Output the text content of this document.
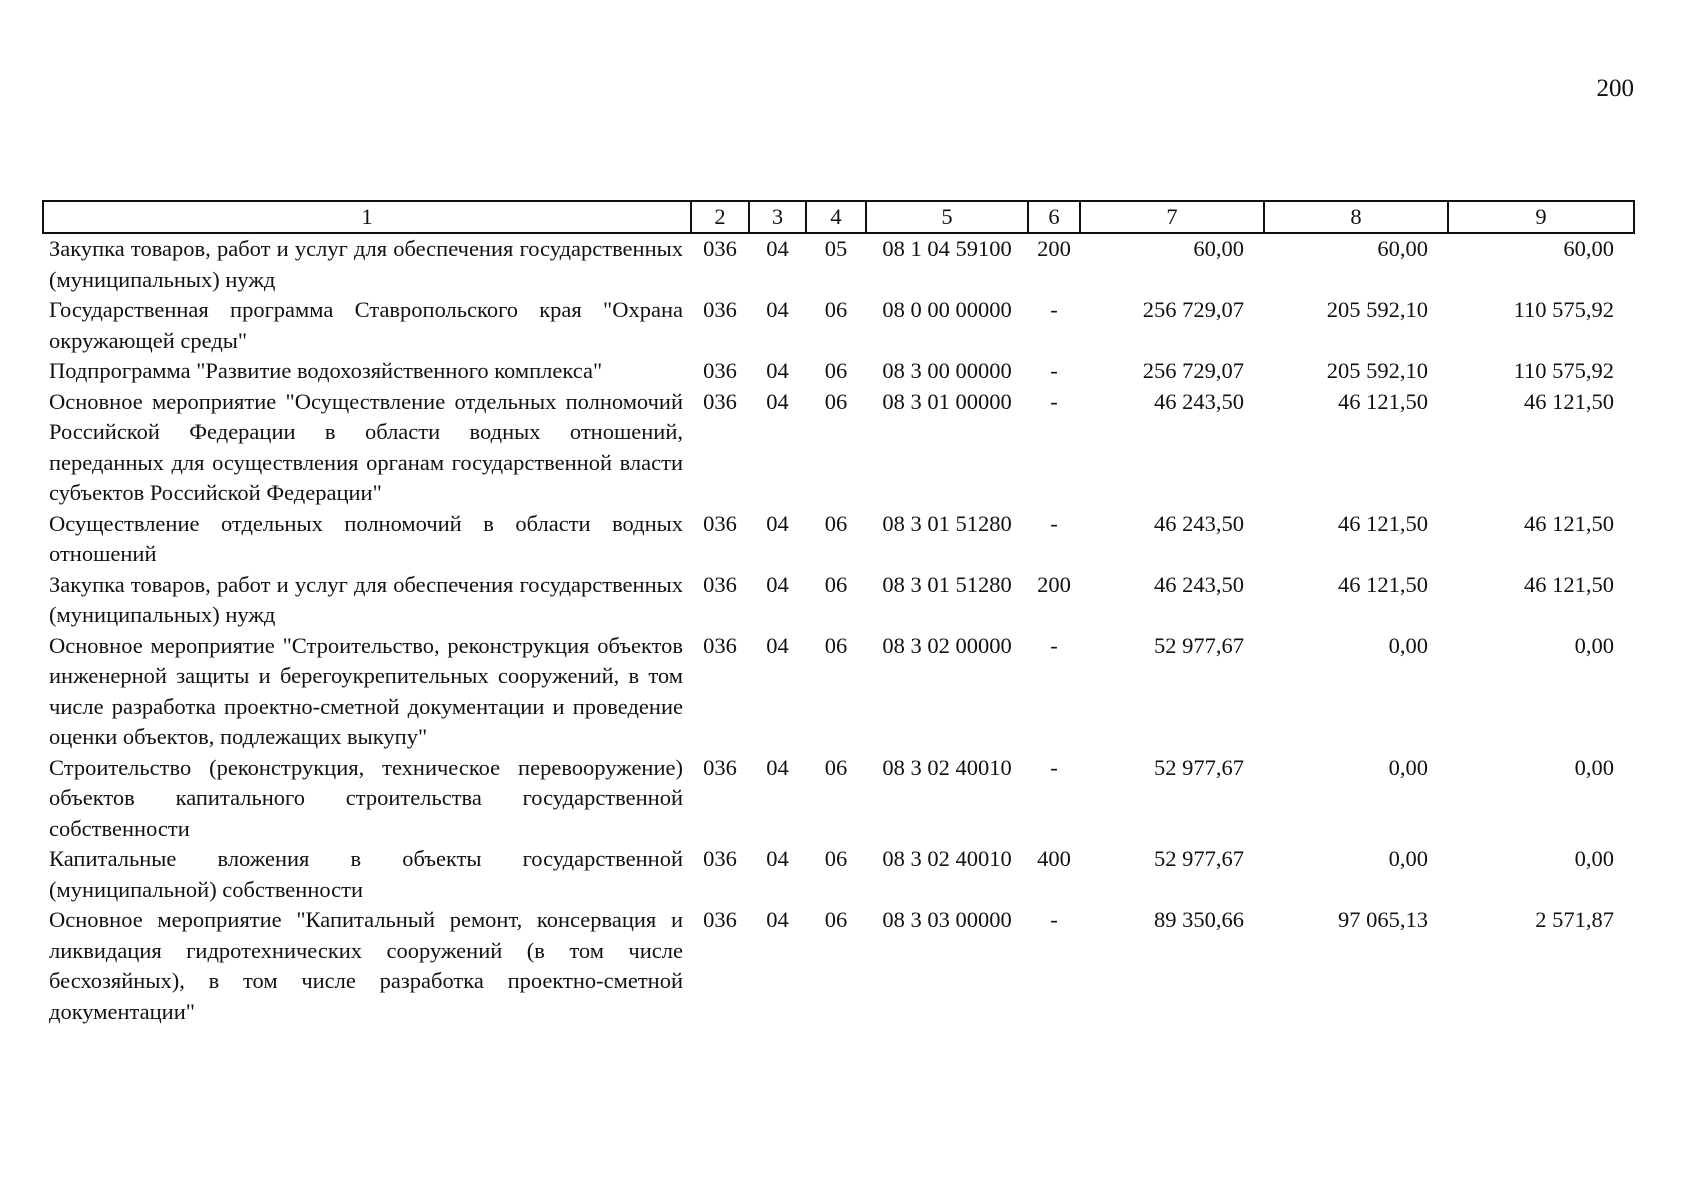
200
1	2	3	4	5	6	7	8	9
Закупка товаров, работ и услуг для обеспечения государственных (муниципальных) нужд	036	04	05	08 1 04 59100	200	60,00	60,00	60,00
Государственная программа Ставропольского края "Охрана окружающей среды"	036	04	06	08 0 00 00000	-	256 729,07	205 592,10	110 575,92
Подпрограмма "Развитие водохозяйственного комплекса"	036	04	06	08 3 00 00000	-	256 729,07	205 592,10	110 575,92
Основное мероприятие "Осуществление отдельных полномочий Российской Федерации в области водных отношений, переданных для осуществления органам государственной власти субъектов Российской Федерации"	036	04	06	08 3 01 00000	-	46 243,50	46 121,50	46 121,50
Осуществление отдельных полномочий в области водных отношений	036	04	06	08 3 01 51280	-	46 243,50	46 121,50	46 121,50
Закупка товаров, работ и услуг для обеспечения государственных (муниципальных) нужд	036	04	06	08 3 01 51280	200	46 243,50	46 121,50	46 121,50
Основное мероприятие "Строительство, реконструкция объектов инженерной защиты и берегоукрепительных сооружений, в том числе разработка проектно-сметной документации и проведение оценки объектов, подлежащих выкупу"	036	04	06	08 3 02 00000	-	52 977,67	0,00	0,00
Строительство (реконструкция, техническое перевооружение) объектов капитального строительства государственной собственности	036	04	06	08 3 02 40010	-	52 977,67	0,00	0,00
Капитальные вложения в объекты государственной (муниципальной) собственности	036	04	06	08 3 02 40010	400	52 977,67	0,00	0,00
Основное мероприятие "Капитальный ремонт, консервация и ликвидация гидротехнических сооружений (в том числе бесхозяйных), в том числе разработка проектно-сметной документации"	036	04	06	08 3 03 00000	-	89 350,66	97 065,13	2 571,87
